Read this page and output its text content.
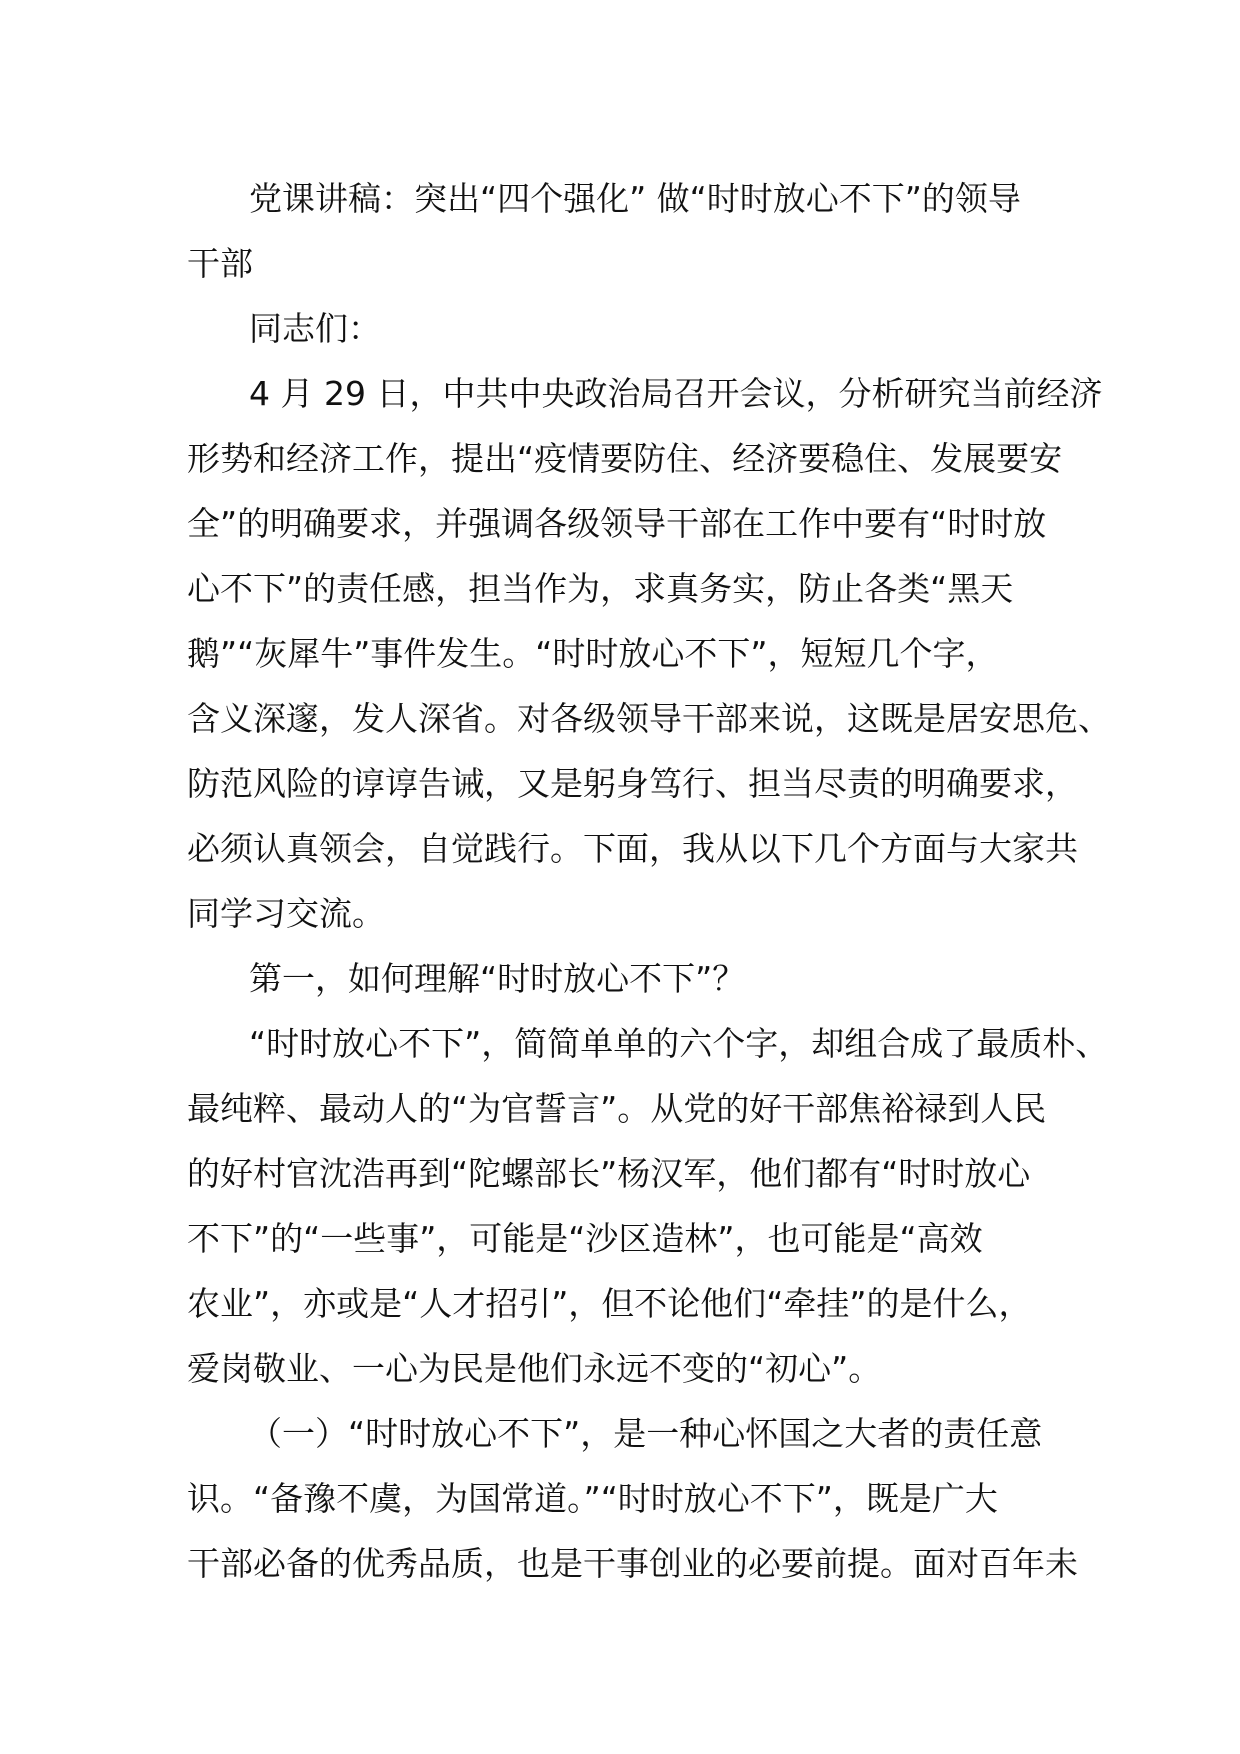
党课讲稿：突出“四个强化” 做“时时放心不下”的领导
干部
同志们：
4 月 29 日，中共中央政治局召开会议，分析研究当前经济
形势和经济工作，提出“疫情要防住、经济要稳住、发展要安
全”的明确要求，并强调各级领导干部在工作中要有“时时放
心不下”的责任感，担当作为，求真务实，防止各类“黑天
鹅”“灰犀牛”事件发生。“时时放心不下”，短短几个字，
含义深邃，发人深省。对各级领导干部来说，这既是居安思危、
防范风险的谆谆告诫，又是躬身笃行、担当尽责的明确要求，
必须认真领会，自觉践行。下面，我从以下几个方面与大家共
同学习交流。
第一，如何理解“时时放心不下”？
“时时放心不下”，简简单单的六个字，却组合成了最质朴、
最纯粹、最动人的“为官誓言”。从党的好干部焦裕禄到人民
的好村官沈浩再到“陀螺部长”杨汉军，他们都有“时时放心
不下”的“一些事”，可能是“沙区造林”，也可能是“高效
农业”，亦或是“人才招引”，但不论他们“牵挂”的是什么，
爱岗敬业、一心为民是他们永远不变的“初心”。
（一）“时时放心不下”，是一种心怀国之大者的责任意
识。“备豫不虞，为国常道。”“时时放心不下”，既是广大
干部必备的优秀品质，也是干事创业的必要前提。面对百年未
